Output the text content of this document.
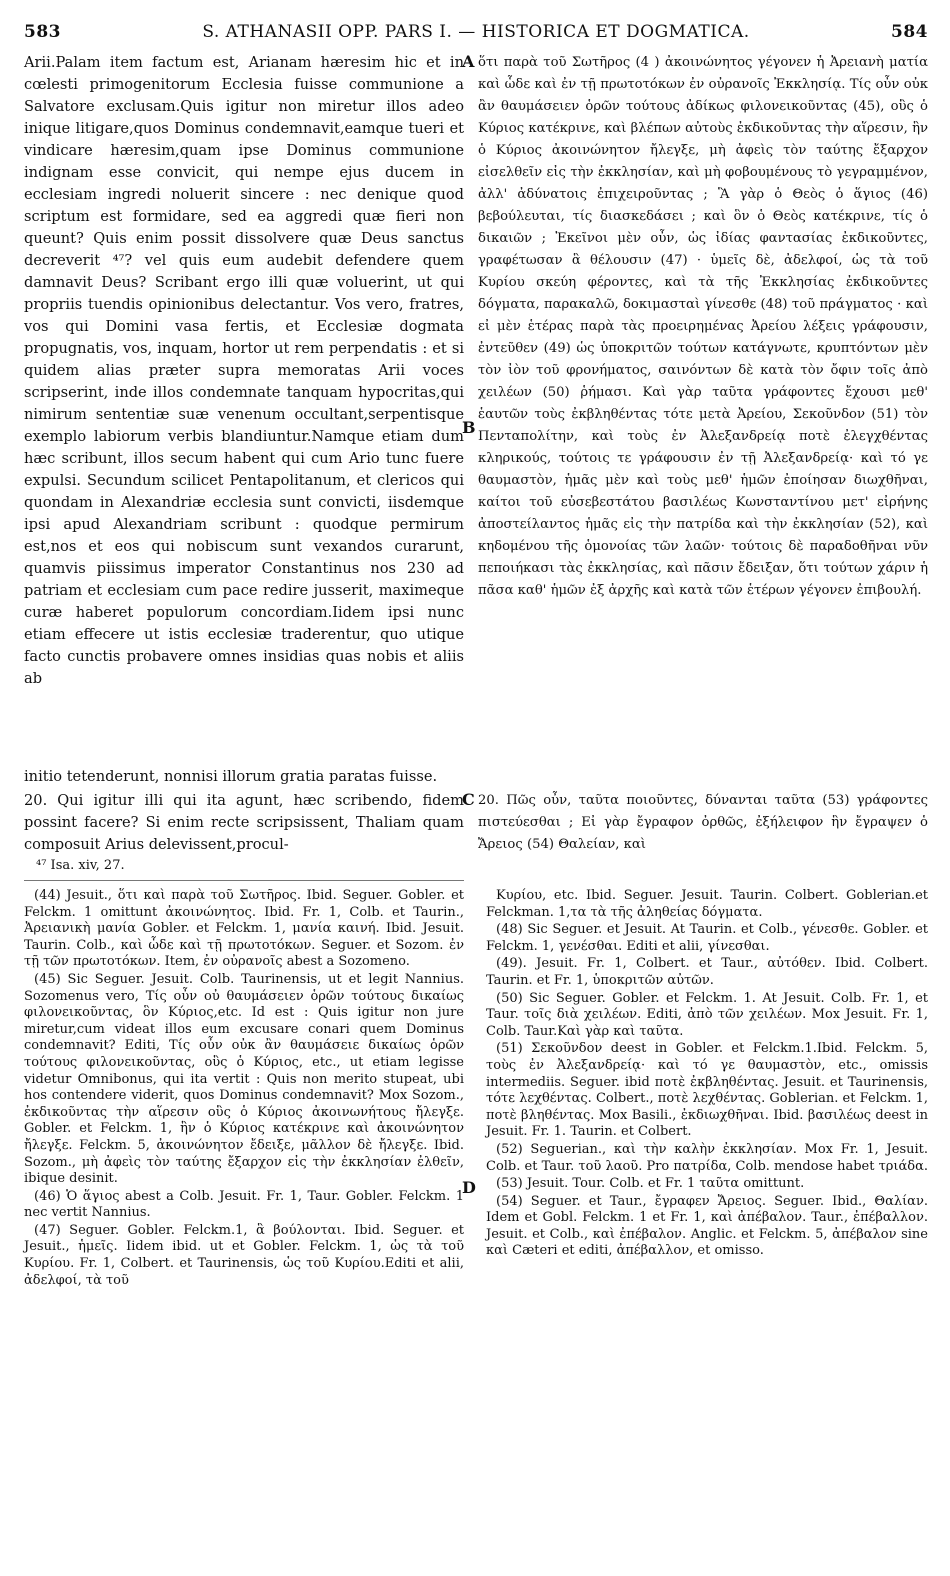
583	S. ATHANASII OPP. PARS I. — HISTORICA ET DOGMATICA.	584

Arii.Palam item factum est, Arianam hæresim hic et in cœlesti primogenitorum Ecclesia fuisse communione a Salvatore exclusam.Quis igitur non miretur illos adeo inique litigare,quos Dominus condemnavit,eamque tueri et vindicare hæresim,quam ipse Dominus communione indignam esse convicit, qui nempe ejus ducem in ecclesiam ingredi noluerit sincere : nec denique quod scriptum est formidare, sed ea aggredi quæ fieri non queunt? Quis enim possit dissolvere quæ Deus sanctus decreverit ⁴⁷? vel quis eum audebit defendere quem damnavit Deus? Scribant ergo illi quæ voluerint, ut qui propriis tuendis opinionibus delectantur. Vos vero, fratres, vos qui Domini vasa fertis, et Ecclesiæ dogmata propugnatis, vos, inquam, hortor ut rem perpendatis : et si quidem alias præter supra memoratas Arii voces scripserint, inde illos condemnate tanquam hypocritas,qui nimirum sententiæ suæ venenum occultant,serpentisque exemplo labiorum verbis blandiuntur.Namque etiam dum hæc scribunt, illos secum habent qui cum Ario tunc fuere expulsi. Secundum scilicet Pentapolitanum, et clericos qui quondam in Alexandriæ ecclesia sunt convicti, iisdemque ipsi apud Alexandriam scribunt : quodque permirum est,nos et eos qui nobiscum sunt vexandos curarunt, quamvis piissimus imperator Constantinus nos 230 ad patriam et ecclesiam cum pace redire jusserit, maximeque curæ haberet populorum concordiam.Iidem ipsi nunc etiam effecere ut istis ecclesiæ traderentur, quo utique facto cunctis probavere omnes insidias quas nobis et aliis ab

A
B
C
D

ὅτι παρὰ τοῦ Σωτῆρος (4 ) ἀκοινώνητος γέγονεν ἡ Ἀρειανὴ ματία καὶ ὧδε καὶ ἐν τῇ πρωτοτόκων ἐν οὐρανοῖς Ἐκκλησίᾳ. Τίς οὖν οὐκ ἂν θαυμάσειεν ὁρῶν τούτους ἀδίκως φιλονεικοῦντας (45), οὓς ὁ Κύριος κατέκρινε, καὶ βλέπων αὐτοὺς ἐκδικοῦντας τὴν αἵρεσιν, ἣν ὁ Κύριος ἀκοινώνητον ἤλεγξε, μὴ ἀφεὶς τὸν ταύτης ἔξαρχον εἰσελθεῖν εἰς τὴν ἐκκλησίαν, καὶ μὴ φοβουμένους τὸ γεγραμμένον, ἀλλ' ἀδύνατοις ἐπιχειροῦντας ; Ἃ γὰρ ὁ Θεὸς ὁ ἅγιος (46) βεβούλευται, τίς διασκεδάσει ; καὶ ὃν ὁ Θεὸς κατέκρινε, τίς ὁ δικαιῶν ; Ἐκεῖνοι μὲν οὖν, ὡς ἰδίας φαντασίας ἐκδικοῦντες, γραφέτωσαν ἃ θέλουσιν (47) · ὑμεῖς δὲ, ἀδελφοί, ὡς τὰ τοῦ Κυρίου σκεύη φέροντες, καὶ τὰ τῆς Ἐκκλησίας ἐκδικοῦντες δόγματα, παρακαλῶ, δοκιμασταὶ γίνεσθε (48) τοῦ πράγματος · καὶ εἰ μὲν ἑτέρας παρὰ τὰς προειρημένας Ἀρείου λέξεις γράφουσιν, ἐντεῦθεν (49) ὡς ὑποκριτῶν τούτων κατάγνωτε, κρυπτόντων μὲν τὸν ἰὸν τοῦ φρονήματος, σαινόντων δὲ κατὰ τὸν ὄφιν τοῖς ἀπὸ χειλέων (50) ῥήμασι. Καὶ γὰρ ταῦτα γράφοντες ἔχουσι μεθ' ἑαυτῶν τοὺς ἐκβληθέντας τότε μετὰ Ἀρείου, Σεκοῦνδον (51) τὸν Πενταπολίτην, καὶ τοὺς ἐν Ἀλεξανδρείᾳ ποτὲ ἐλεγχθέντας κληρικούς, τούτοις τε γράφουσιν ἐν τῇ Ἀλεξανδρείᾳ· καὶ τό γε θαυμαστὸν, ἡμᾶς μὲν καὶ τοὺς μεθ' ἡμῶν ἐποίησαν διωχθῆναι, καίτοι τοῦ εὐσεβεστάτου βασιλέως Κωνσταντίνου μετ' εἰρήνης ἀποστείλαντος ἡμᾶς εἰς τὴν πατρίδα καὶ τὴν ἐκκλησίαν (52), καὶ κηδομένου τῆς ὁμονοίας τῶν λαῶν· τούτοις δὲ παραδοθῆναι νῦν πεποιήκασι τὰς ἐκκλησίας, καὶ πᾶσιν ἔδειξαν, ὅτι τούτων χάριν ἡ πᾶσα καθ' ἡμῶν ἐξ ἀρχῆς καὶ κατὰ τῶν ἑτέρων γέγονεν ἐπιβουλή.

initio tetenderunt, nonnisi illorum gratia paratas fuisse.
20. Qui igitur illi qui ita agunt, hæc scribendo, fidem possint facere? Si enim recte scripsissent, Thaliam quam composuit Arius delevissent,procul-
20. Πῶς οὖν, ταῦτα ποιοῦντες, δύνανται ταῦτα (53) γράφοντες πιστεύεσθαι ; Εἰ γὰρ ἔγραφον ὀρθῶς, ἐξήλειφον ἣν ἔγραψεν ὁ Ἄρειος (54) Θαλείαν, καὶ
⁴⁷ Isa. xiv, 27.

(44) Jesuit., ὅτι καὶ παρὰ τοῦ Σωτῆρος. Ibid. Seguer. Gobler. et Felckm. 1 omittunt ἀκοινώνητος. Ibid. Fr. 1, Colb. et Taurin., Ἀρειανικὴ μανία Gobler. et Felckm. 1, μανία καινή. Ibid. Jesuit. Taurin. Colb., καὶ ὧδε καὶ τῇ πρωτοτόκων. Seguer. et Sozom. ἐν τῇ τῶν πρωτοτόκων. Item, ἐν οὐρανοῖς abest a Sozomeno.

(45) Sic Seguer. Jesuit. Colb. Taurinensis, ut et legit Nannius. Sozomenus vero, Τίς οὖν οὐ θαυμάσειεν ὁρῶν τούτους δικαίως φιλονεικοῦντας, ὃν Κύριος,etc. Id est : Quis igitur non jure miretur,cum videat illos eum excusare conari quem Dominus condemnavit? Editi, Τίς οὖν οὐκ ἂν θαυμάσειε δικαίως ὁρῶν τούτους φιλονεικοῦντας, οὓς ὁ Κύριος, etc., ut etiam legisse videtur Omnibonus, qui ita vertit : Quis non merito stupeat, ubi hos contendere viderit, quos Dominus condemnavit? Mox Sozom., ἐκδικοῦντας τὴν αἵρεσιν οὓς ὁ Κύριος ἀκοινωνήτους ἤλεγξε. Gobler. et Felckm. 1, ἣν ὁ Κύριος κατέκρινε καὶ ἀκοινώνητον ἤλεγξε. Felckm. 5, ἀκοινώνητον ἔδειξε, μᾶλλον δὲ ἤλεγξε. Ibid. Sozom., μὴ ἀφεὶς τὸν ταύτης ἔξαρχον εἰς τὴν ἐκκλησίαν ἐλθεῖν, ibique desinit.

(46) Ὁ ἅγιος abest a Colb. Jesuit. Fr. 1, Taur. Gobler. Felckm. 1 nec vertit Nannius.

(47) Seguer. Gobler. Felckm.1, ἃ βούλονται. Ibid. Seguer. et Jesuit., ἡμεῖς. Iidem ibid. ut et Gobler. Felckm. 1, ὡς τὰ τοῦ Κυρίου. Fr. 1, Colbert. et Taurinensis, ὡς τοῦ Κυρίου.Editi et alii, ἀδελφοί, τὰ τοῦ

Κυρίου, etc. Ibid. Seguer. Jesuit. Taurin. Colbert. Goblerian.et Felckman. 1,τα τὰ τῆς ἀληθείας δόγματα.

(48) Sic Seguer. et Jesuit. At Taurin. et Colb., γένεσθε. Gobler. et Felckm. 1, γενέσθαι. Editi et alii, γίνεσθαι.

(49). Jesuit. Fr. 1, Colbert. et Taur., αὐτόθεν. Ibid. Colbert. Taurin. et Fr. 1, ὑποκριτῶν αὐτῶν.

(50) Sic Seguer. Gobler. et Felckm. 1. At Jesuit. Colb. Fr. 1, et Taur. τοῖς διὰ χειλέων. Editi, ἀπὸ τῶν χειλέων. Mox Jesuit. Fr. 1, Colb. Taur.Καὶ γὰρ καὶ ταῦτα.

(51) Σεκοῦνδον deest in Gobler. et Felckm.1.Ibid. Felckm. 5, τοὺς ἐν Ἀλεξανδρείᾳ· καὶ τό γε θαυμαστὸν, etc., omissis intermediis. Seguer. ibid ποτὲ ἐκβληθέντας. Jesuit. et Taurinensis, τότε λεχθέντας. Colbert., ποτὲ λεχθέντας. Goblerian. et Felckm. 1, ποτὲ βληθέντας. Mox Basili., ἐκδιωχθῆναι. Ibid. βασιλέως deest in Jesuit. Fr. 1. Taurin. et Colbert.

(52) Seguerian., καὶ τὴν καλὴν ἐκκλησίαν. Mox Fr. 1, Jesuit. Colb. et Taur. τοῦ λαοῦ. Pro πατρίδα, Colb. mendose habet τριάδα.

(53) Jesuit. Tour. Colb. et Fr. 1 ταῦτα omittunt.

(54) Seguer. et Taur., ἔγραφεν Ἄρειος. Seguer. Ibid., Θαλίαν. Idem et Gobl. Felckm. 1 et Fr. 1, καὶ ἀπέβαλον. Taur., ἐπέβαλλον. Jesuit. et Colb., καὶ ἐπέβαλον. Anglic. et Felckm. 5, ἀπέβαλον sine καὶ Cæteri et editi, ἀπέβαλλον, et omisso.
